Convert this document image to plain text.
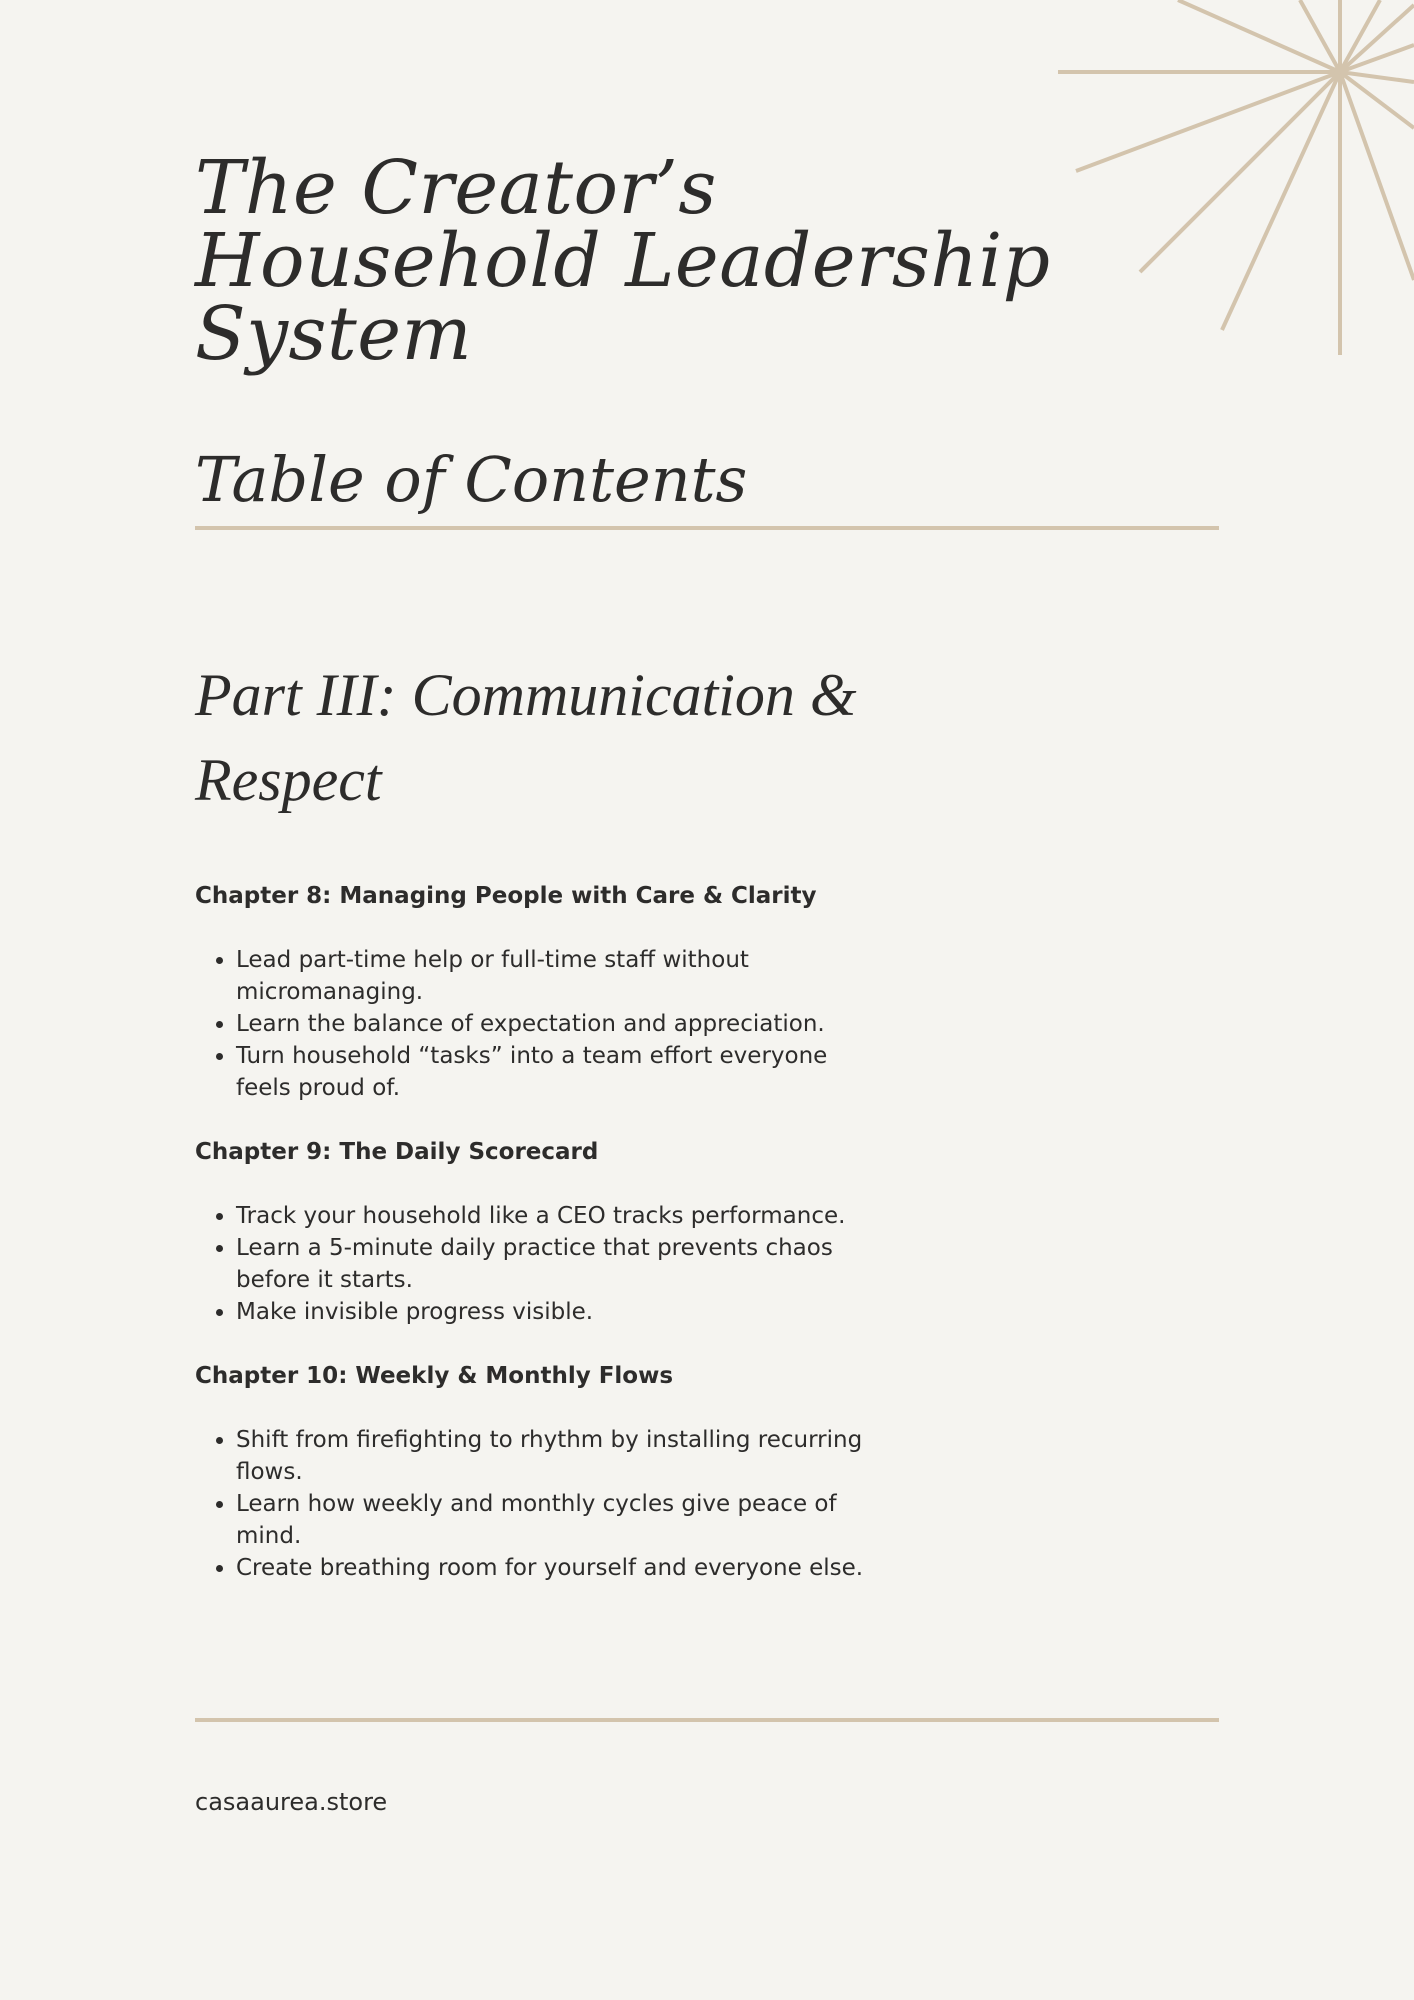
The Creator’s
Household Leadership
System
Table of Contents
Part III: Communication & Respect
Chapter 8: Managing People with Care & Clarity
• Lead part-time help or full-time staff without micromanaging.
• Learn the balance of expectation and appreciation.
• Turn household “tasks” into a team effort everyone feels proud of.
Chapter 9: The Daily Scorecard
• Track your household like a CEO tracks performance.
• Learn a 5-minute daily practice that prevents chaos before it starts.
• Make invisible progress visible.
Chapter 10: Weekly & Monthly Flows
• Shift from firefighting to rhythm by installing recurring flows.
• Learn how weekly and monthly cycles give peace of mind.
• Create breathing room for yourself and everyone else.
casaaurea.store
